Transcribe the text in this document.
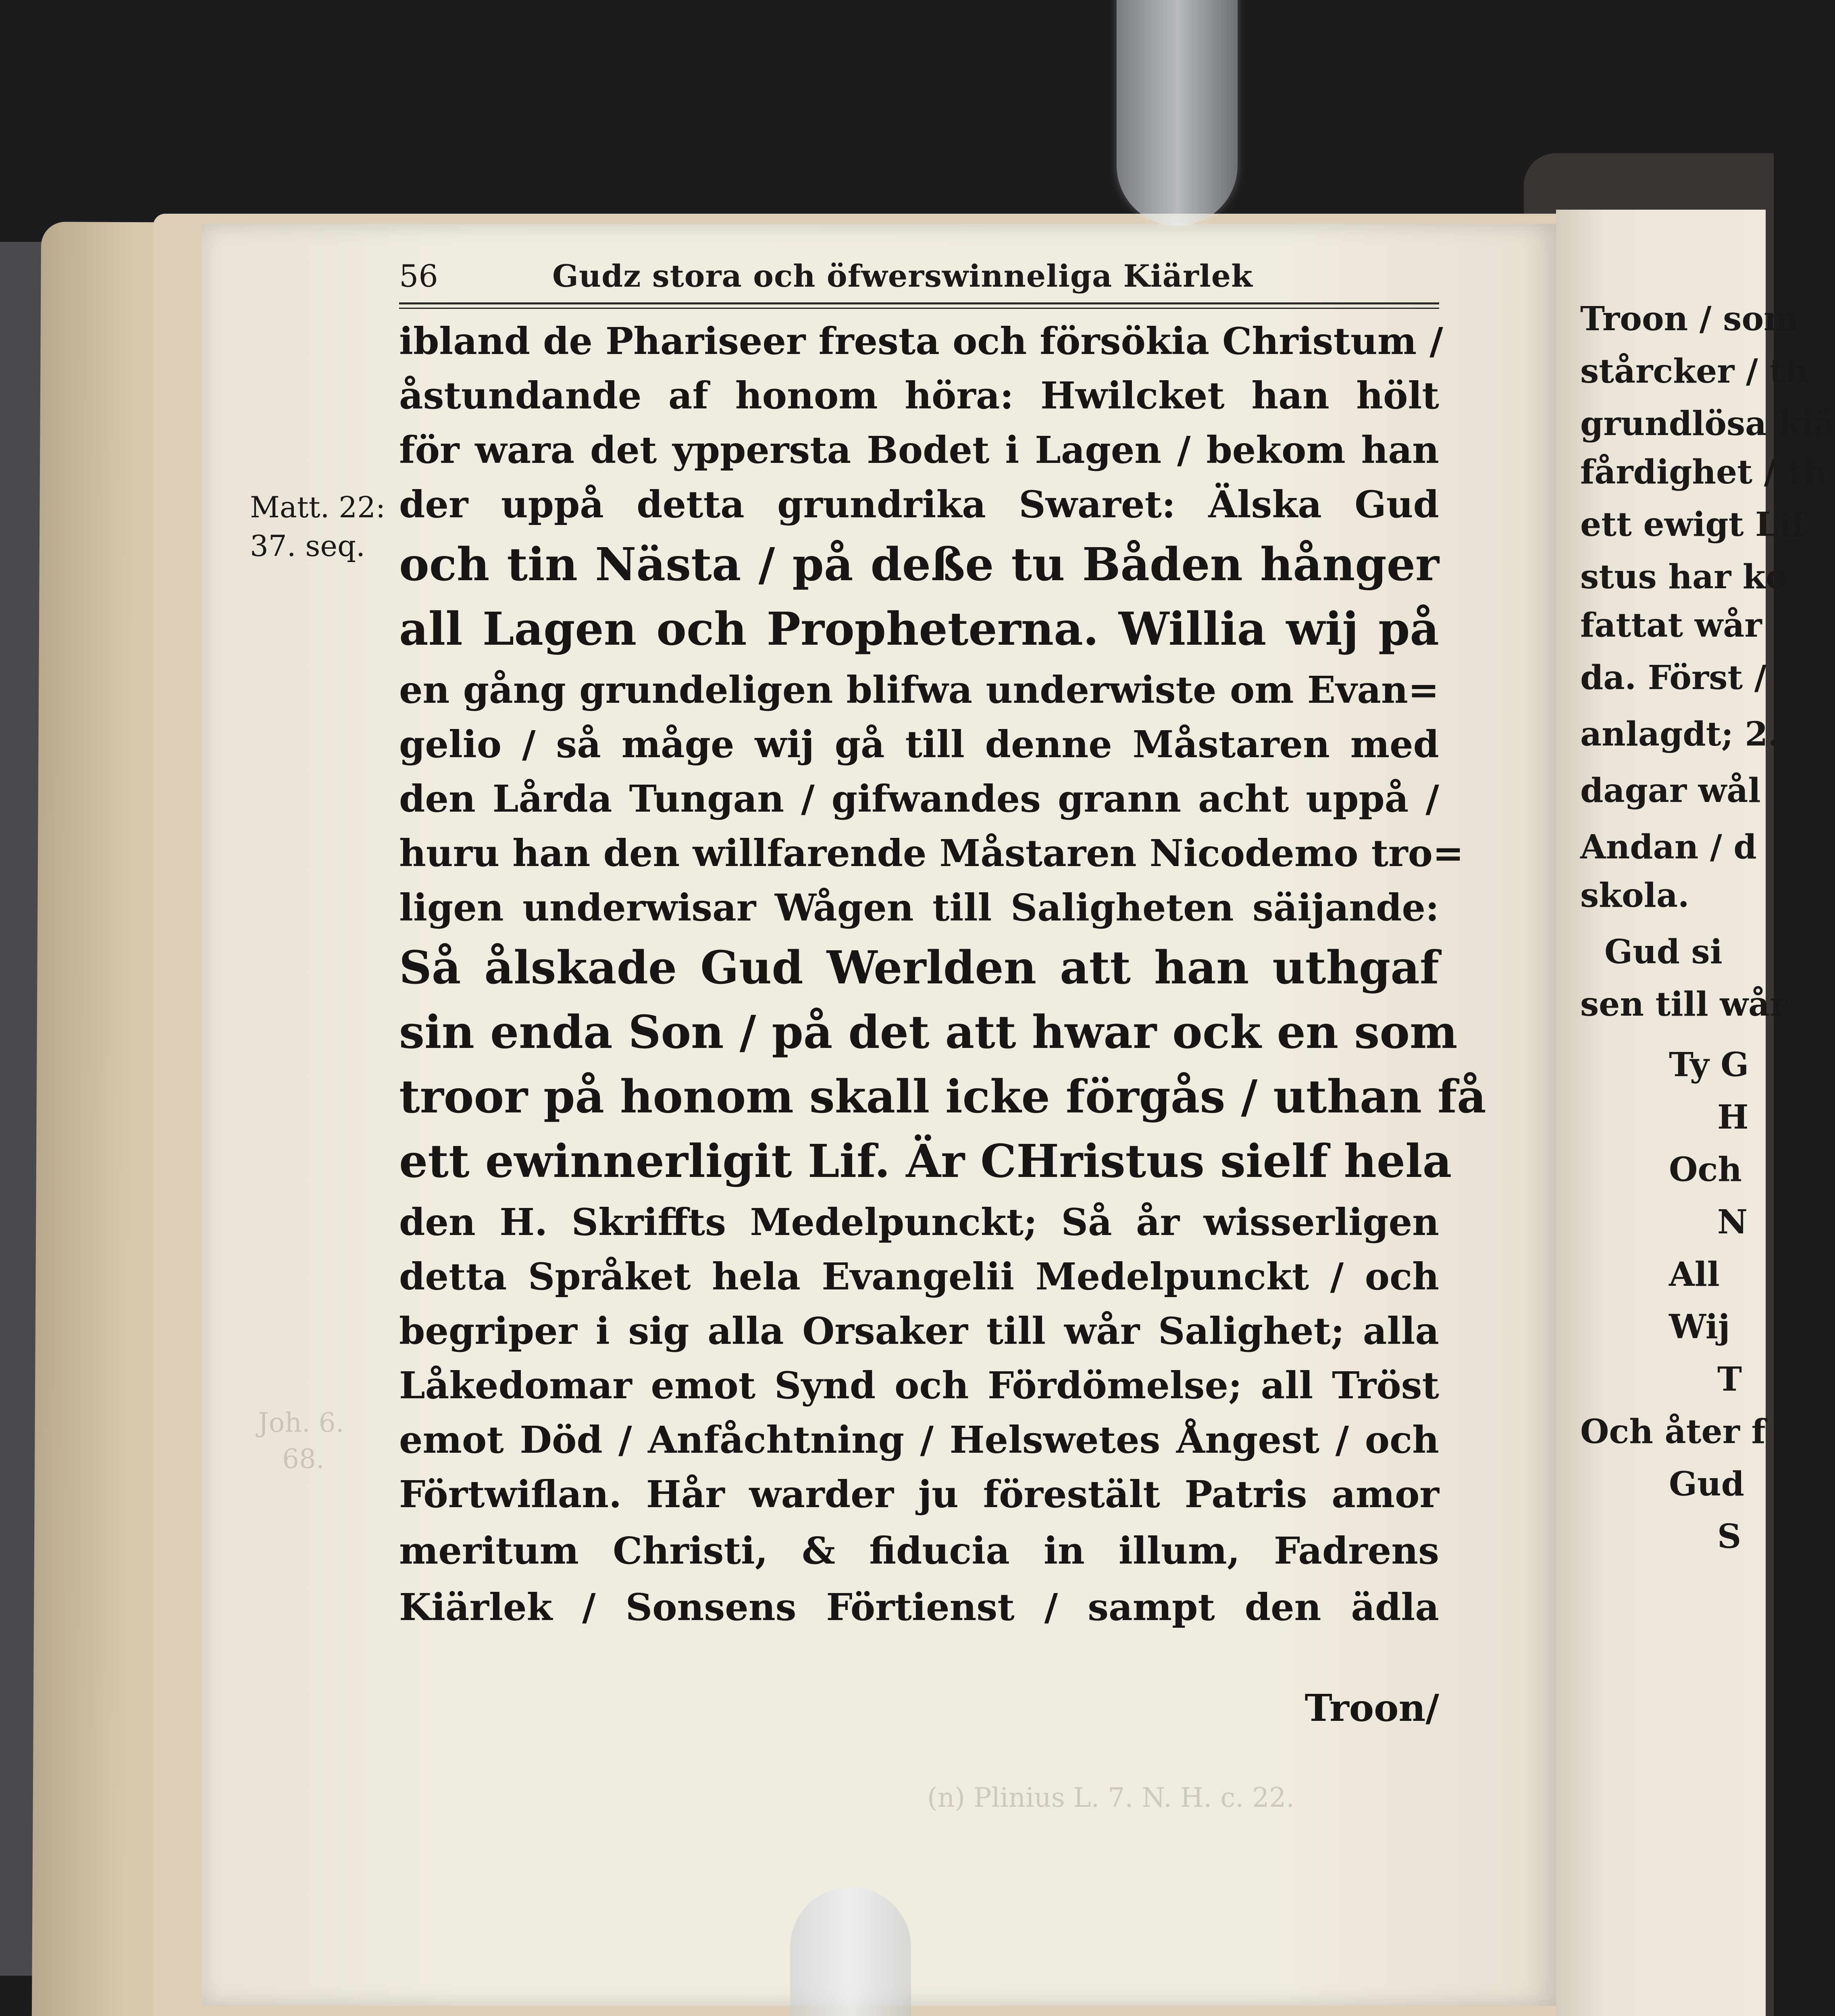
Troon / som
stårcker / th
grundlösa kiä
fårdighet / th
ett ewigt Lif
stus har ko
fattat wår
da. Först /
anlagdt; 2.
dagar wål
Andan / d
skola.
Gud si
sen till wår
Ty G
H
Och
N
All
Wij
T
Och åter f
Gud
S
56	Gudz stora och öfwerswinneliga Kiärlek
Matt. 22:
37. seq.
Joh. 6.
68.
(n) Plinius L. 7. N. H. c. 22.
ibland de Phariseer fresta och försökia Christum /
åstundande af honom höra: Hwilcket han hölt
för wara det yppersta Bodet i Lagen / bekom han
der uppå detta grundrika Swaret: Älska Gud
och tin Nästa / på deße tu Båden hånger
all Lagen och Propheterna. Willia wij på
en gång grundeligen blifwa underwiste om Evan=
gelio / så måge wij gå till denne Måstaren med
den Lårda Tungan / gifwandes grann acht uppå /
huru han den willfarende Måstaren Nicodemo tro=
ligen underwisar Wågen till Saligheten säijande:
Så ålskade Gud Werlden att han uthgaf
sin enda Son / på det att hwar ock en som
troor på honom skall icke förgås / uthan få
ett ewinnerligit Lif. Är CHristus sielf hela
den H. Skriffts Medelpunckt; Så år wisserligen
detta Språket hela Evangelii Medelpunckt / och
begriper i sig alla Orsaker till wår Salighet; alla
Låkedomar emot Synd och Fördömelse; all Tröst
emot Död / Anfåchtning / Helswetes Ångest / och
Förtwiflan. Hår warder ju förestält Patris amor
meritum Christi, & fiducia in illum, Fadrens
Kiärlek / Sonsens Förtienst / sampt den ädla
Troon/
